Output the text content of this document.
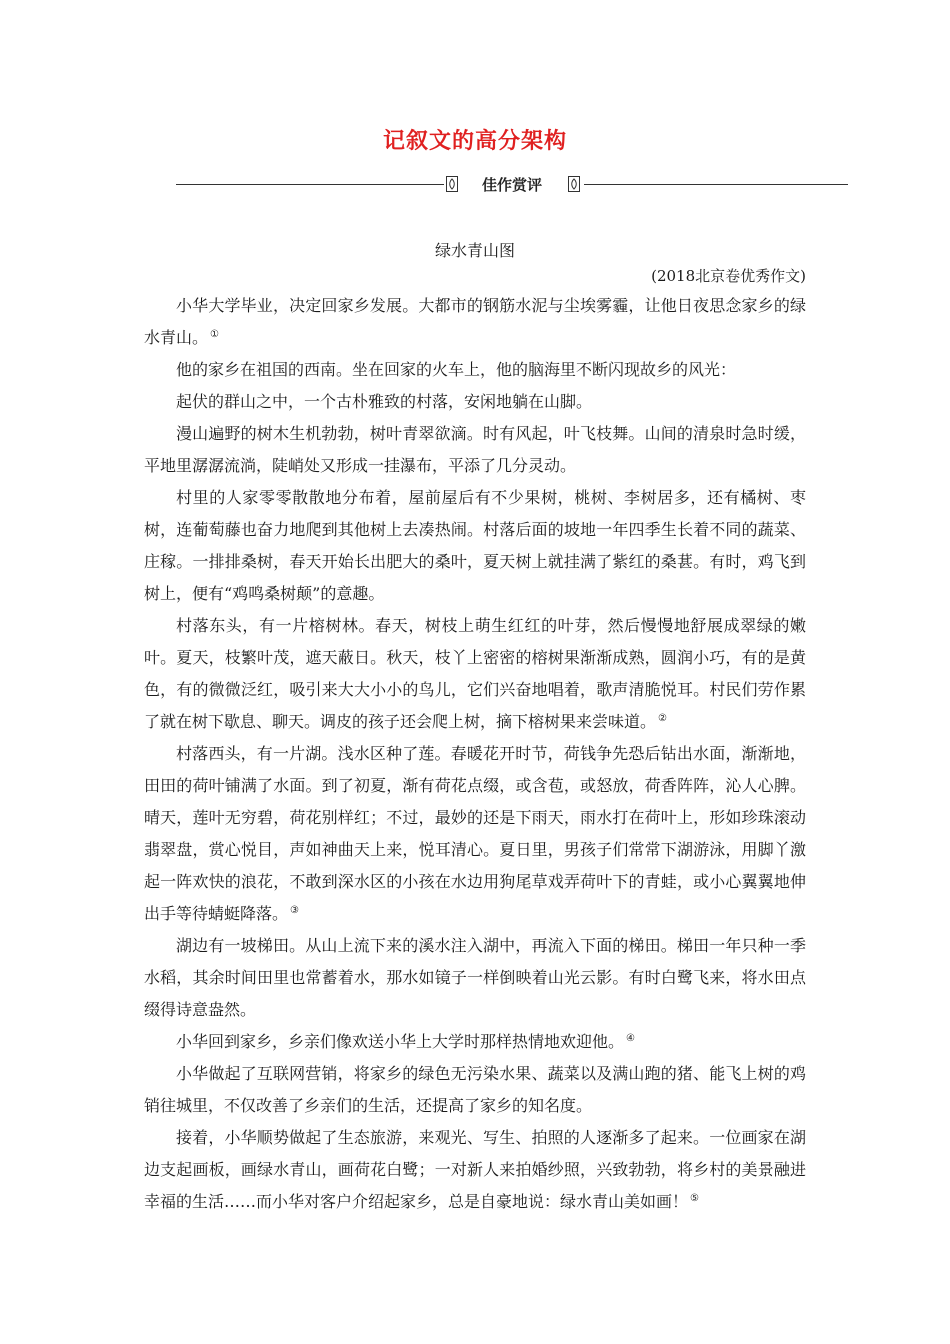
记叙文的高分架构
佳作赏评
绿水青山图
(2018北京卷优秀作文)

小华大学毕业，决定回家乡发展。大都市的钢筋水泥与尘埃雾霾，让他日夜思念家乡的绿水青山。 ①

他的家乡在祖国的西南。坐在回家的火车上，他的脑海里不断闪现故乡的风光：

起伏的群山之中，一个古朴雅致的村落，安闲地躺在山脚。

漫山遍野的树木生机勃勃，树叶青翠欲滴。时有风起，叶飞枝舞。山间的清泉时急时缓，平地里潺潺流淌，陡峭处又形成一挂瀑布，平添了几分灵动。

村里的人家零零散散地分布着，屋前屋后有不少果树，桃树、李树居多，还有橘树、枣树，连葡萄藤也奋力地爬到其他树上去凑热闹。村落后面的坡地一年四季生长着不同的蔬菜、庄稼。一排排桑树，春天开始长出肥大的桑叶，夏天树上就挂满了紫红的桑葚。有时，鸡飞到树上，便有“鸡鸣桑树颠”的意趣。

村落东头，有一片榕树林。春天，树枝上萌生红红的叶芽，然后慢慢地舒展成翠绿的嫩叶。夏天，枝繁叶茂，遮天蔽日。秋天，枝丫上密密的榕树果渐渐成熟，圆润小巧，有的是黄色，有的微微泛红，吸引来大大小小的鸟儿，它们兴奋地唱着，歌声清脆悦耳。村民们劳作累了就在树下歇息、聊天。调皮的孩子还会爬上树，摘下榕树果来尝味道。 ②

村落西头，有一片湖。浅水区种了莲。春暖花开时节，荷钱争先恐后钻出水面，渐渐地，田田的荷叶铺满了水面。到了初夏，渐有荷花点缀，或含苞，或怒放，荷香阵阵，沁人心脾。晴天，莲叶无穷碧，荷花别样红；不过，最妙的还是下雨天，雨水打在荷叶上，形如珍珠滚动翡翠盘，赏心悦目，声如神曲天上来，悦耳清心。夏日里，男孩子们常常下湖游泳，用脚丫激起一阵欢快的浪花，不敢到深水区的小孩在水边用狗尾草戏弄荷叶下的青蛙，或小心翼翼地伸出手等待蜻蜓降落。 ③

湖边有一坡梯田。从山上流下来的溪水注入湖中，再流入下面的梯田。梯田一年只种一季水稻，其余时间田里也常蓄着水，那水如镜子一样倒映着山光云影。有时白鹭飞来，将水田点缀得诗意盎然。

小华回到家乡，乡亲们像欢送小华上大学时那样热情地欢迎他。 ④

小华做起了互联网营销，将家乡的绿色无污染水果、蔬菜以及满山跑的猪、能飞上树的鸡销往城里，不仅改善了乡亲们的生活，还提高了家乡的知名度。

接着，小华顺势做起了生态旅游，来观光、写生、拍照的人逐渐多了起来。一位画家在湖边支起画板，画绿水青山，画荷花白鹭；一对新人来拍婚纱照，兴致勃勃，将乡村的美景融进幸福的生活……而小华对客户介绍起家乡，总是自豪地说：绿水青山美如画！ ⑤
